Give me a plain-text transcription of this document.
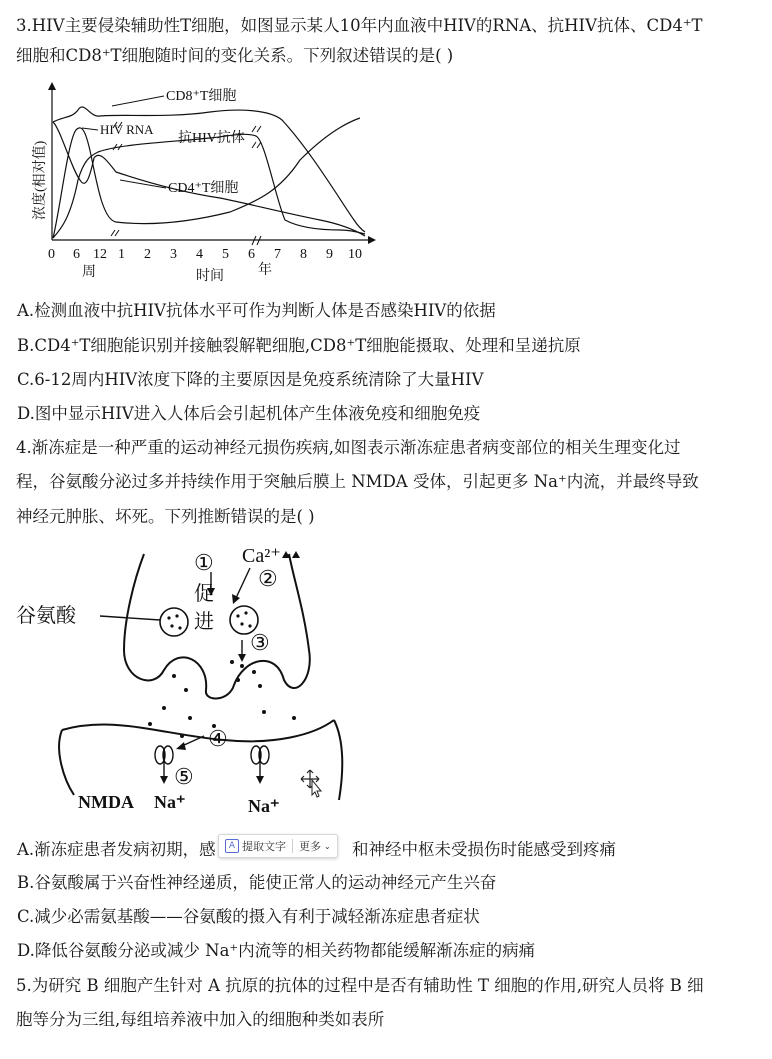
3.HIV主要侵染辅助性T细胞，如图显示某人10年内血液中HIV的RNA、抗HIV抗体、CD4⁺T
细胞和CD8⁺T细胞随时间的变化关系。下列叙述错误的是( )
0 6 12 1 2 3 4 5 6 7 8 9 10
周	年
时间
浓度(相对值)
CD8⁺T细胞
HIV RNA
抗HIV抗体
CD4⁺T细胞
A.检测血液中抗HIV抗体水平可作为判断人体是否感染HIV的依据
B.CD4⁺T细胞能识别并接触裂解靶细胞,CD8⁺T细胞能摄取、处理和呈递抗原
C.6-12周内HIV浓度下降的主要原因是免疫系统清除了大量HIV
D.图中显示HIV进入人体后会引起机体产生体液免疫和细胞免疫
4.渐冻症是一种严重的运动神经元损伤疾病,如图表示渐冻症患者病变部位的相关生理变化过
程，谷氨酸分泌过多并持续作用于突触后膜上 NMDA 受体，引起更多 Na⁺内流，并最终导致
神经元肿胀、坏死。下列推断错误的是( )
谷氨酸
①
促
进
Ca²⁺
②
③
④
⑤
NMDA Na⁺	Na⁺
A.渐冻症患者发病初期，感	和神经中枢未受损伤时能感受到疼痛
A 提取文字 更多 ⌄
B.谷氨酸属于兴奋性神经递质，能使正常人的运动神经元产生兴奋
C.减少必需氨基酸——谷氨酸的摄入有利于减轻渐冻症患者症状
D.降低谷氨酸分泌或减少 Na⁺内流等的相关药物都能缓解渐冻症的病痛
5.为研究 B 细胞产生针对 A 抗原的抗体的过程中是否有辅助性 T 细胞的作用,研究人员将 B 细
胞等分为三组,每组培养液中加入的细胞种类如表所
